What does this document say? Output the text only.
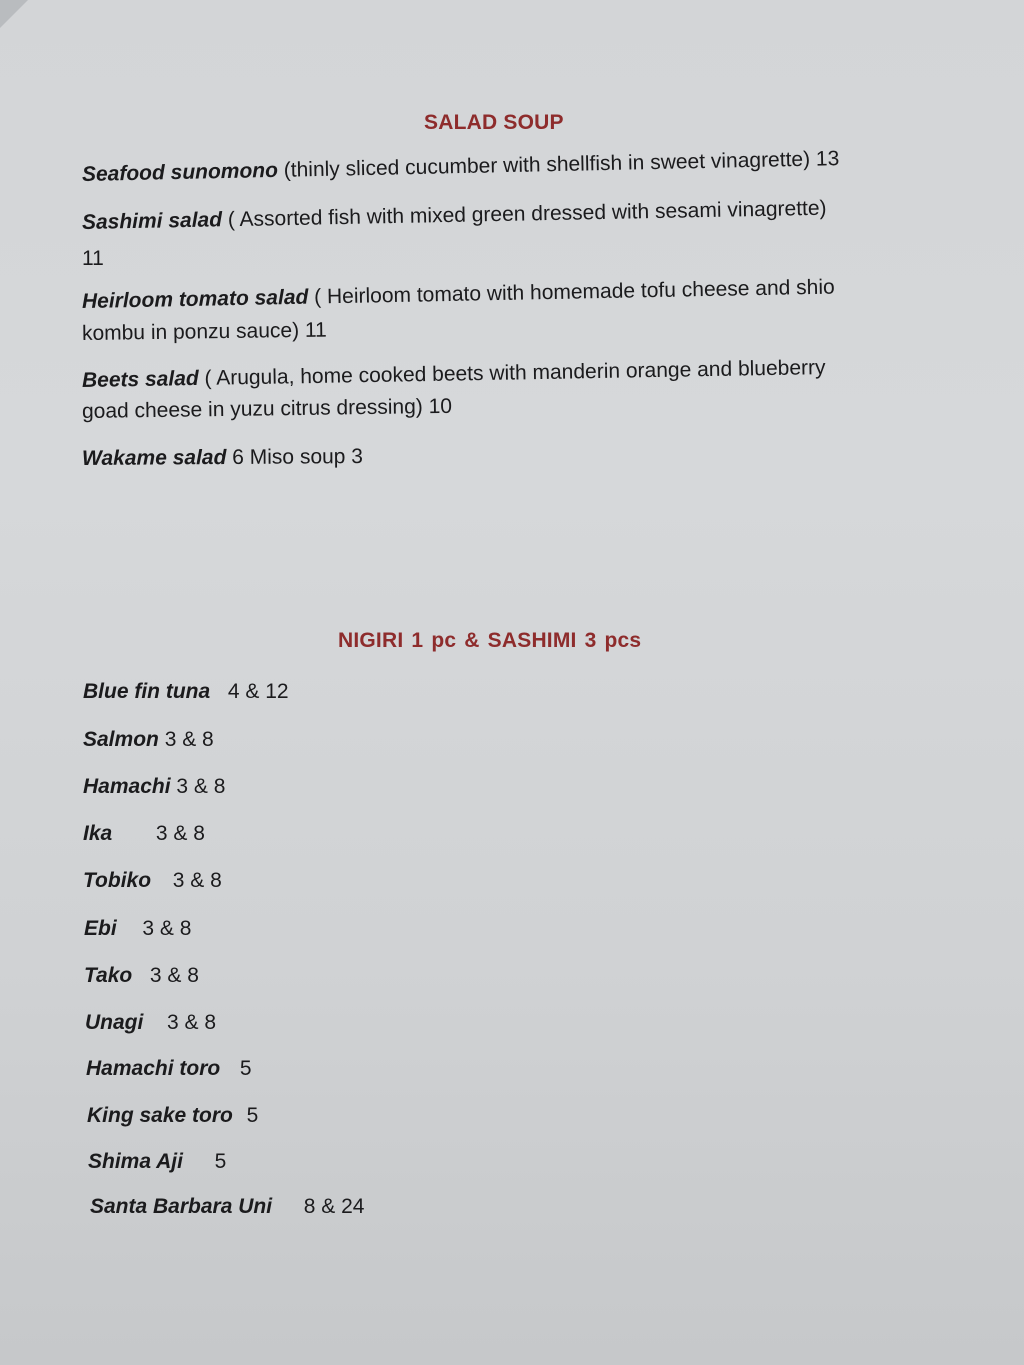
SALAD SOUP
Seafood sunomono (thinly sliced cucumber with shellfish in sweet vinagrette) 13
Sashimi salad ( Assorted fish with mixed green dressed with sesami vinagrette)
11
Heirloom tomato salad ( Heirloom tomato with homemade tofu cheese and shio
kombu in ponzu sauce) 11
Beets salad ( Arugula, home cooked beets with manderin orange and blueberry
goad cheese in yuzu citrus dressing) 10
Wakame salad 6 Miso soup 3
NIGIRI 1 pc & SASHIMI 3 pcs
Blue fin tuna 4 & 12
Salmon 3 & 8
Hamachi 3 & 8
Ika 3 & 8
Tobiko 3 & 8
Ebi 3 & 8
Tako 3 & 8
Unagi 3 & 8
Hamachi toro 5
King sake toro 5
Shima Aji 5
Santa Barbara Uni 8 & 24
